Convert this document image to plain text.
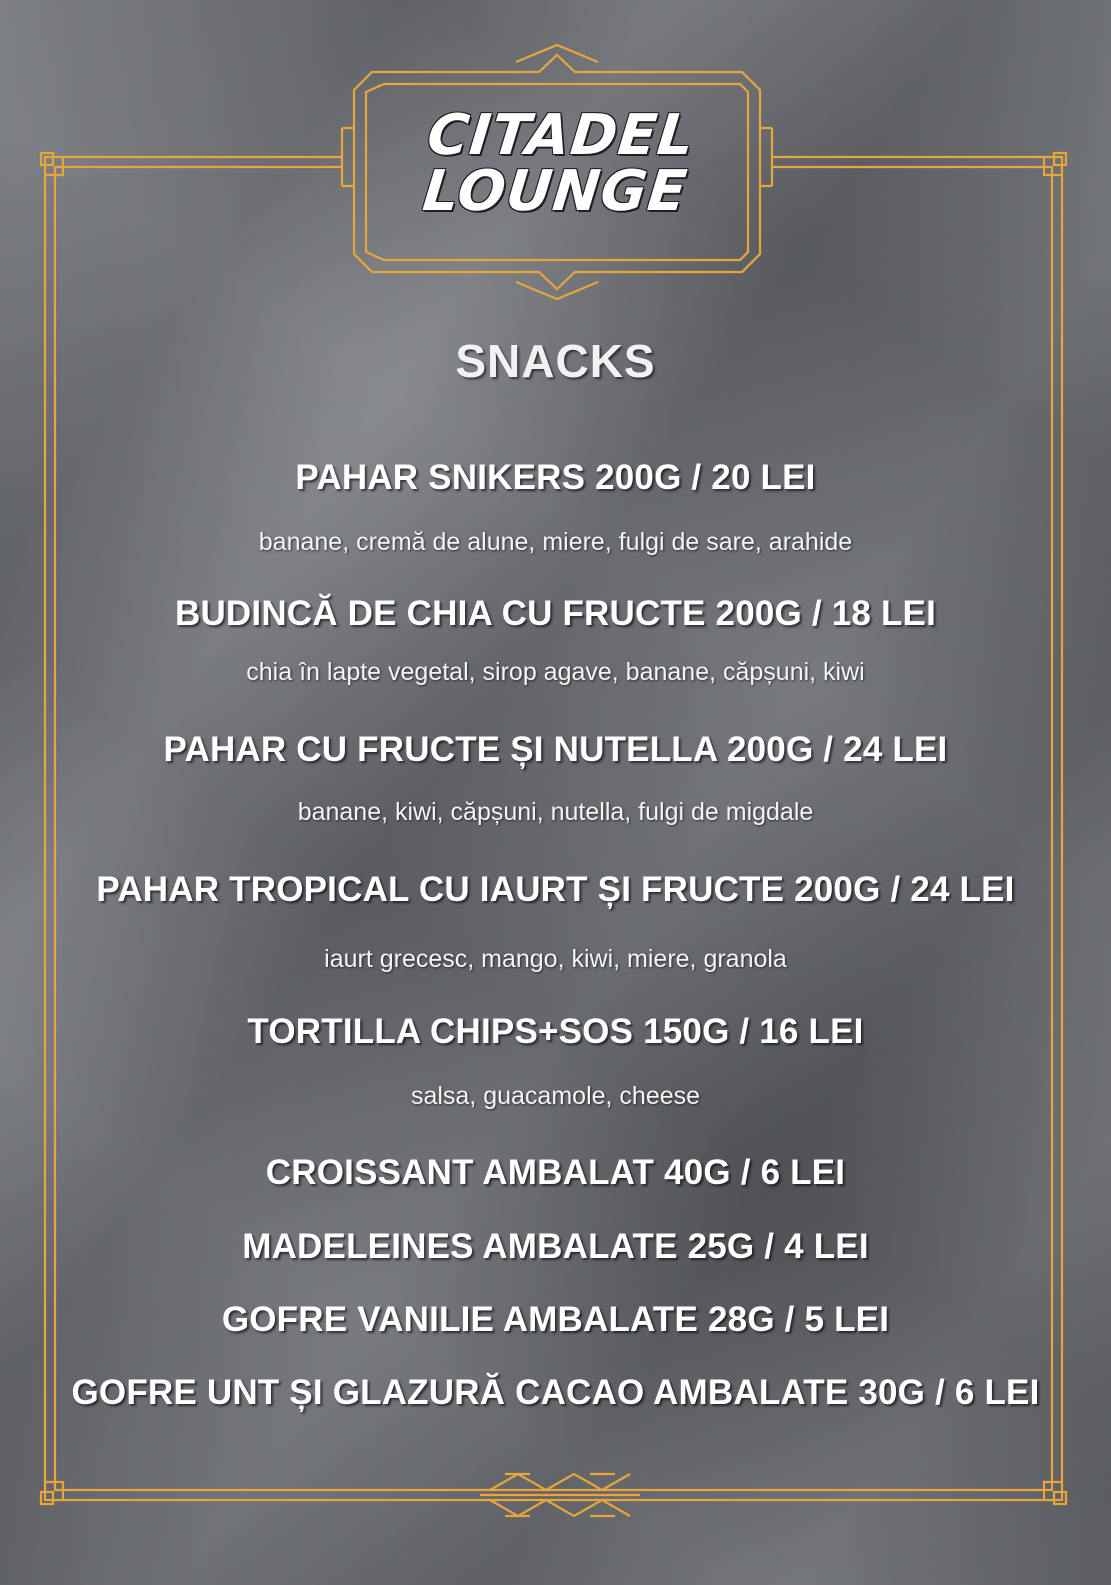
CITADEL
LOUNGE
SNACKS
PAHAR SNIKERS 200G / 20 LEI
banane, cremă de alune, miere, fulgi de sare, arahide
BUDINCĂ DE CHIA CU FRUCTE 200G / 18 LEI
chia în lapte vegetal, sirop agave, banane, căpșuni, kiwi
PAHAR CU FRUCTE ȘI NUTELLA 200G / 24 LEI
banane, kiwi, căpșuni, nutella, fulgi de migdale
PAHAR TROPICAL CU IAURT ȘI FRUCTE 200G / 24 LEI
iaurt grecesc, mango, kiwi, miere, granola
TORTILLA CHIPS+SOS 150G / 16 LEI
salsa, guacamole, cheese
CROISSANT AMBALAT 40G / 6 LEI
MADELEINES AMBALATE 25G / 4 LEI
GOFRE VANILIE AMBALATE 28G / 5 LEI
GOFRE UNT ȘI GLAZURĂ CACAO AMBALATE 30G / 6 LEI
